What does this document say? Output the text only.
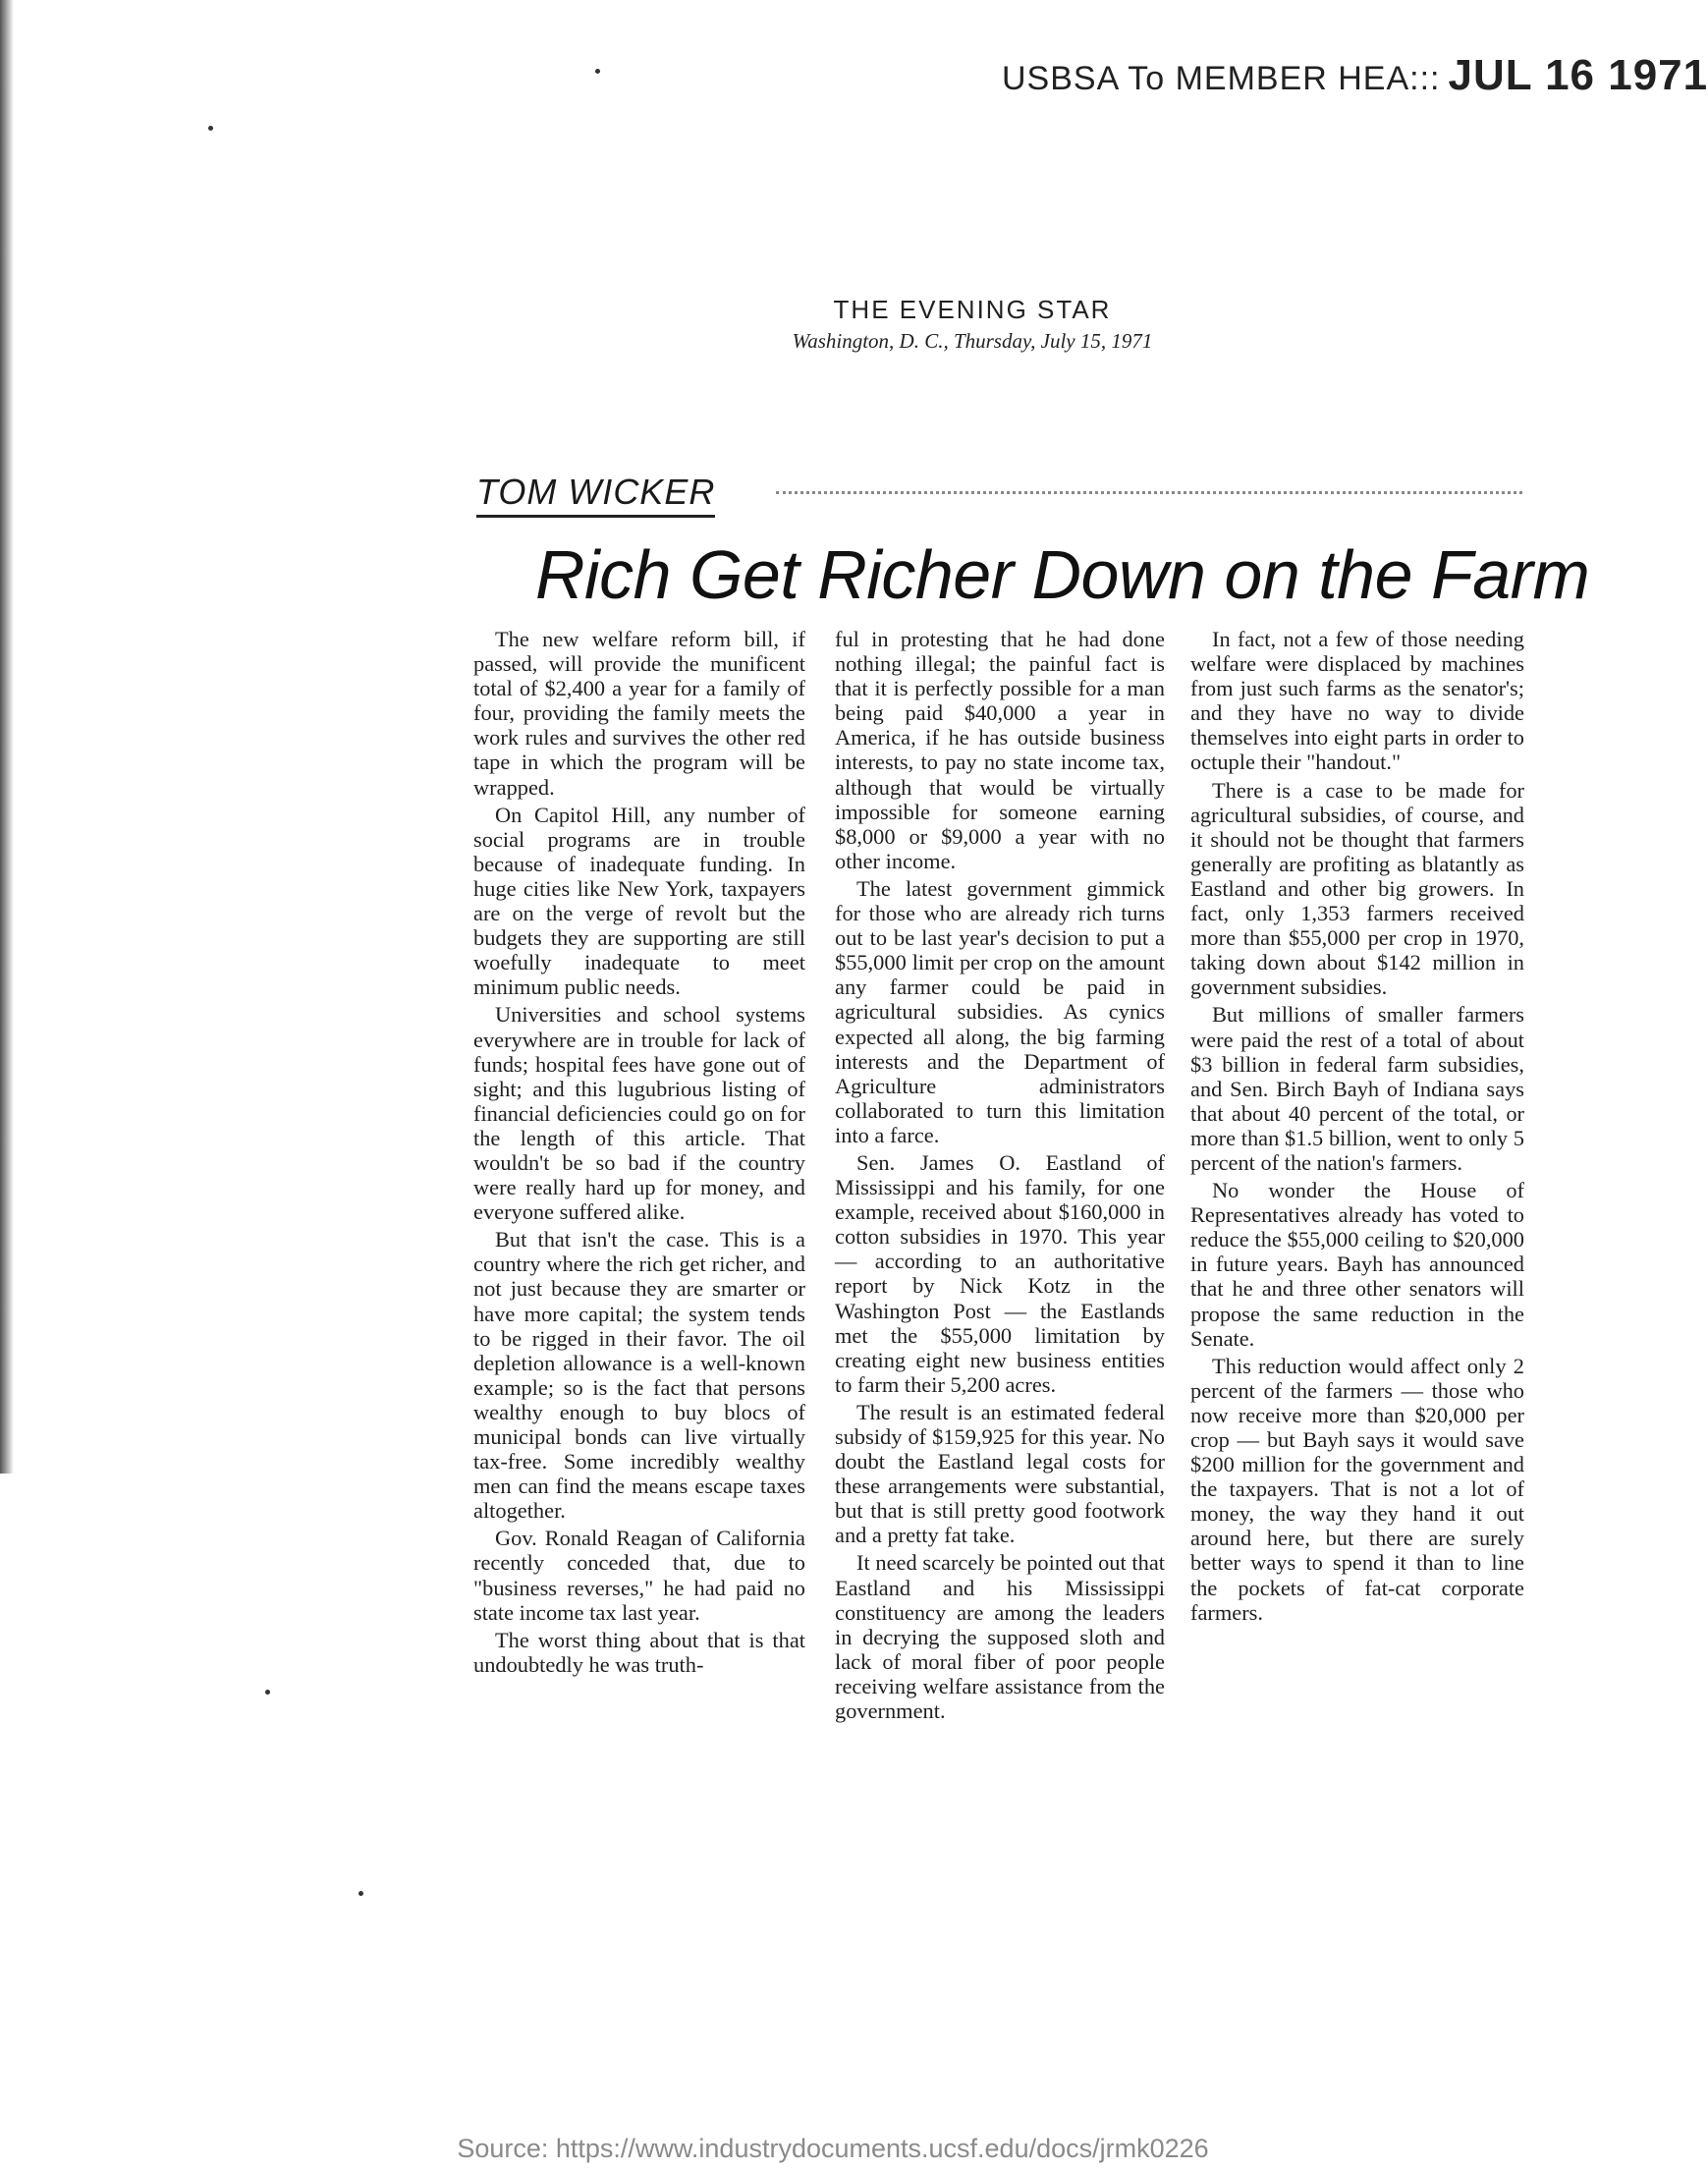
USBSA To MEMBER HEA::: JUL 16 1971
THE EVENING STAR
Washington, D. C., Thursday, July 15, 1971
TOM WICKER
Rich Get Richer Down on the Farm

The new welfare reform bill, if passed, will provide the munificent total of $2,400 a year for a family of four, providing the family meets the work rules and survives the other red tape in which the program will be wrapped.

On Capitol Hill, any number of social programs are in trouble because of inadequate funding. In huge cities like New York, taxpayers are on the verge of revolt but the budgets they are supporting are still woefully inadequate to meet minimum public needs.

Universities and school systems everywhere are in trouble for lack of funds; hospital fees have gone out of sight; and this lugubrious listing of financial deficiencies could go on for the length of this article. That wouldn't be so bad if the country were really hard up for money, and everyone suffered alike.

But that isn't the case. This is a country where the rich get richer, and not just because they are smarter or have more capital; the system tends to be rigged in their favor. The oil depletion allowance is a well-known example; so is the fact that persons wealthy enough to buy blocs of municipal bonds can live virtually tax-free. Some incredibly wealthy men can find the means escape taxes altogether.

Gov. Ronald Reagan of California recently conceded that, due to "business reverses," he had paid no state income tax last year.

The worst thing about that is that undoubtedly he was truth-

ful in protesting that he had done nothing illegal; the painful fact is that it is perfectly possible for a man being paid $40,000 a year in America, if he has outside business interests, to pay no state income tax, although that would be virtually impossible for someone earning $8,000 or $9,000 a year with no other income.

The latest government gimmick for those who are already rich turns out to be last year's decision to put a $55,000 limit per crop on the amount any farmer could be paid in agricultural subsidies. As cynics expected all along, the big farming interests and the Department of Agriculture administrators collaborated to turn this limitation into a farce.

Sen. James O. Eastland of Mississippi and his family, for one example, received about $160,000 in cotton subsidies in 1970. This year — according to an authoritative report by Nick Kotz in the Washington Post — the Eastlands met the $55,000 limitation by creating eight new business entities to farm their 5,200 acres.

The result is an estimated federal subsidy of $159,925 for this year. No doubt the Eastland legal costs for these arrangements were substantial, but that is still pretty good footwork and a pretty fat take.

It need scarcely be pointed out that Eastland and his Mississippi constituency are among the leaders in decrying the supposed sloth and lack of moral fiber of poor people receiving welfare assistance from the government.

In fact, not a few of those needing welfare were displaced by machines from just such farms as the senator's; and they have no way to divide themselves into eight parts in order to octuple their "handout."

There is a case to be made for agricultural subsidies, of course, and it should not be thought that farmers generally are profiting as blatantly as Eastland and other big growers. In fact, only 1,353 farmers received more than $55,000 per crop in 1970, taking down about $142 million in government subsidies.

But millions of smaller farmers were paid the rest of a total of about $3 billion in federal farm subsidies, and Sen. Birch Bayh of Indiana says that about 40 percent of the total, or more than $1.5 billion, went to only 5 percent of the nation's farmers.

No wonder the House of Representatives already has voted to reduce the $55,000 ceiling to $20,000 in future years. Bayh has announced that he and three other senators will propose the same reduction in the Senate.

This reduction would affect only 2 percent of the farmers — those who now receive more than $20,000 per crop — but Bayh says it would save $200 million for the government and the taxpayers. That is not a lot of money, the way they hand it out around here, but there are surely better ways to spend it than to line the pockets of fat-cat corporate farmers.

Source: https://www.industrydocuments.ucsf.edu/docs/jrmk0226
